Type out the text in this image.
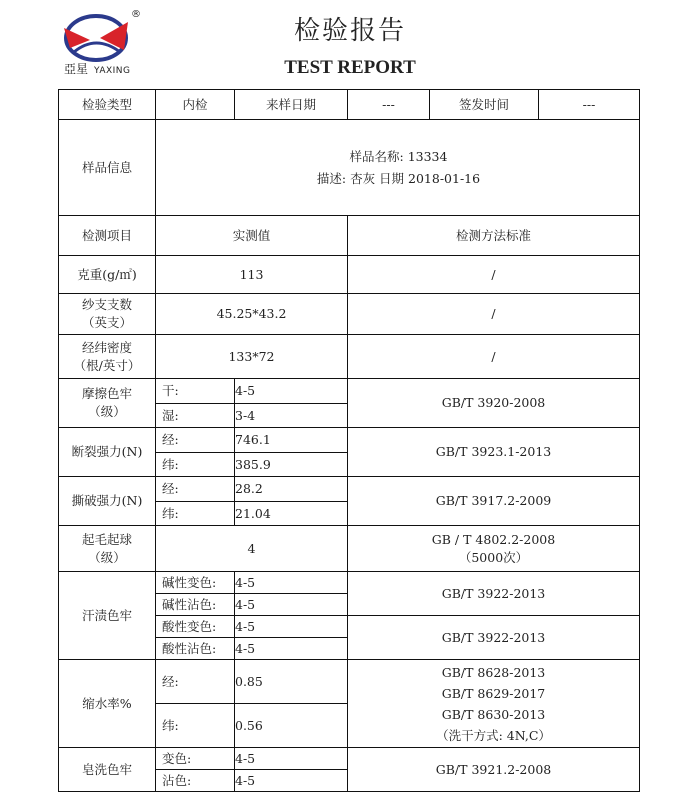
®
亞星 YAXING
检验报告
TEST REPORT
检验类型	内检	来样日期	---	签发时间	---
样品信息	样品名称: 13334
描述: 杏灰 日期 2018-01-16				

检测项目	实测值		检测方法标准		
克重(g/㎡)	113		/		

纱支支数
（英支）	45.25*43.2		/		

经纬密度
（根/英寸）	133*72		/		

摩擦色牢
（级）	干:	4-5	GB/T 3920-2008		
	湿:	3-4			
断裂强力(N)	经:	746.1	GB/T 3923.1-2013		
	纬:	385.9			
撕破强力(N)	经:	28.2	GB/T 3917.2-2009		
	纬:	21.04			

起毛起球
（级）	4		GB / T 4802.2-2008
（5000次）		

汗渍色牢	碱性变色:	4-5	GB/T 3922-2013		
	碱性沾色:	4-5			
	酸性变色:	4-5	GB/T 3922-2013		
	酸性沾色:	4-5			
缩水率%	经:	0.85	GB/T 8628-2013
GB/T 8629-2017
GB/T 8630-2013
（洗干方式: 4N,C）		

	纬:	0.56			
皂洗色牢	变色:	4-5	GB/T 3921.2-2008		
	沾色:	4-5			
